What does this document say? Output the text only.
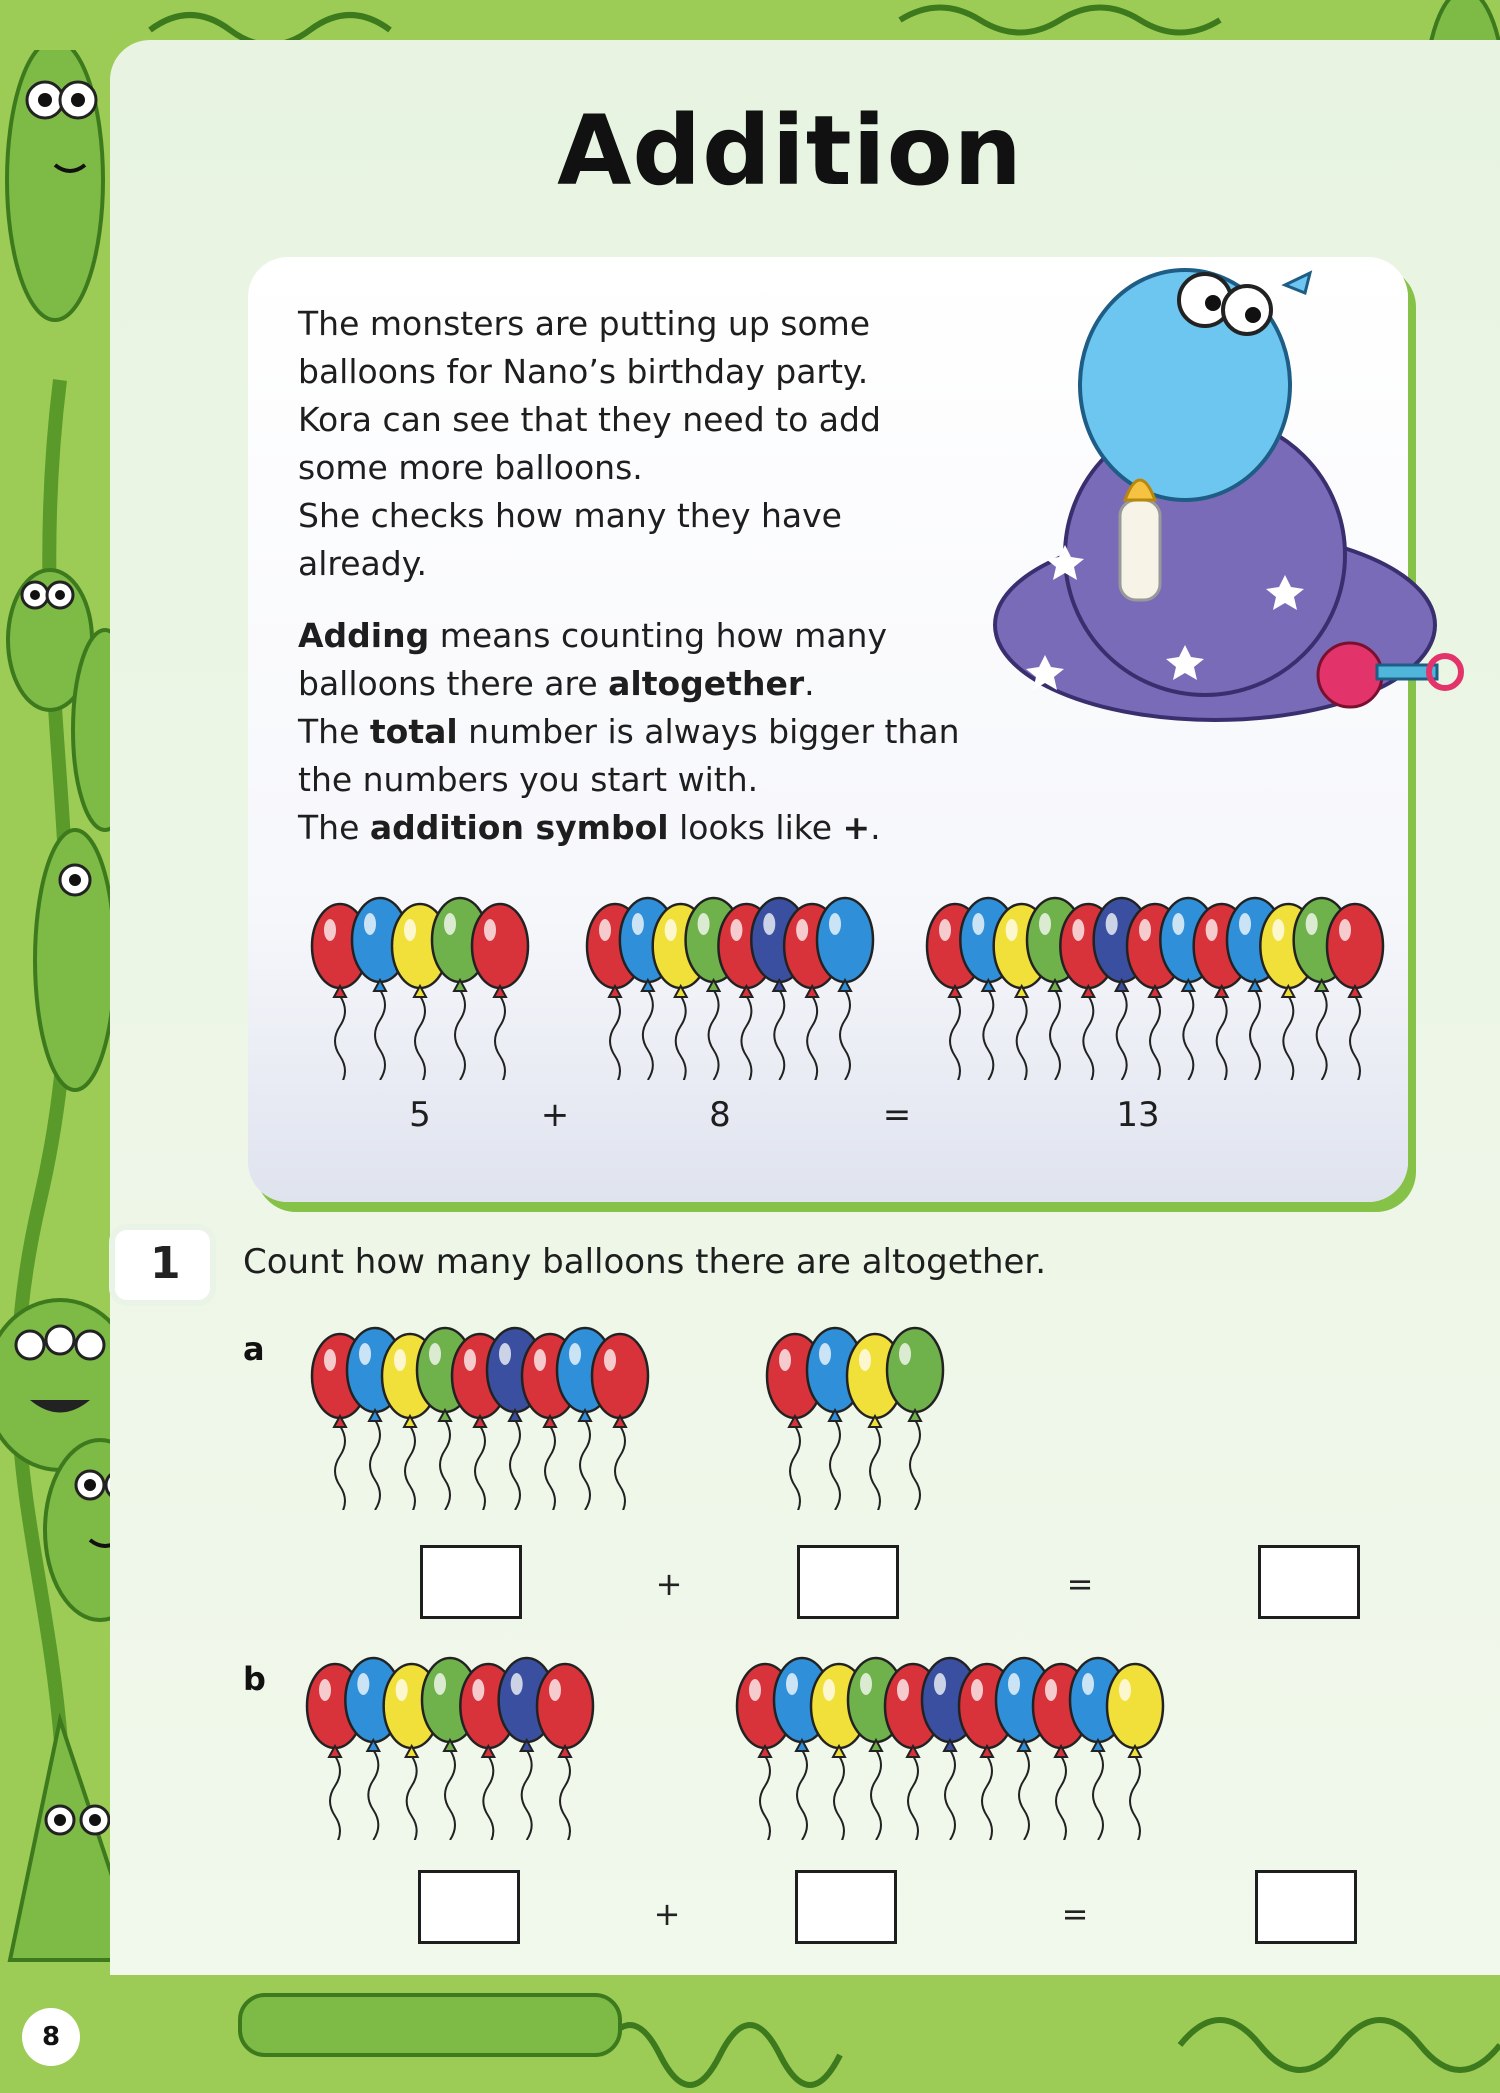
Addition
The monsters are putting up some
balloons for Nano’s birthday party.
Kora can see that they need to add
some more balloons.
She checks how many they have
already.
Adding means counting how many
balloons there are altogether.
The total number is always bigger than
the numbers you start with.
The addition symbol looks like +.
5	+	8	=	13
1 Count how many balloons there are altogether.
a
+	=
b
+	=
8
